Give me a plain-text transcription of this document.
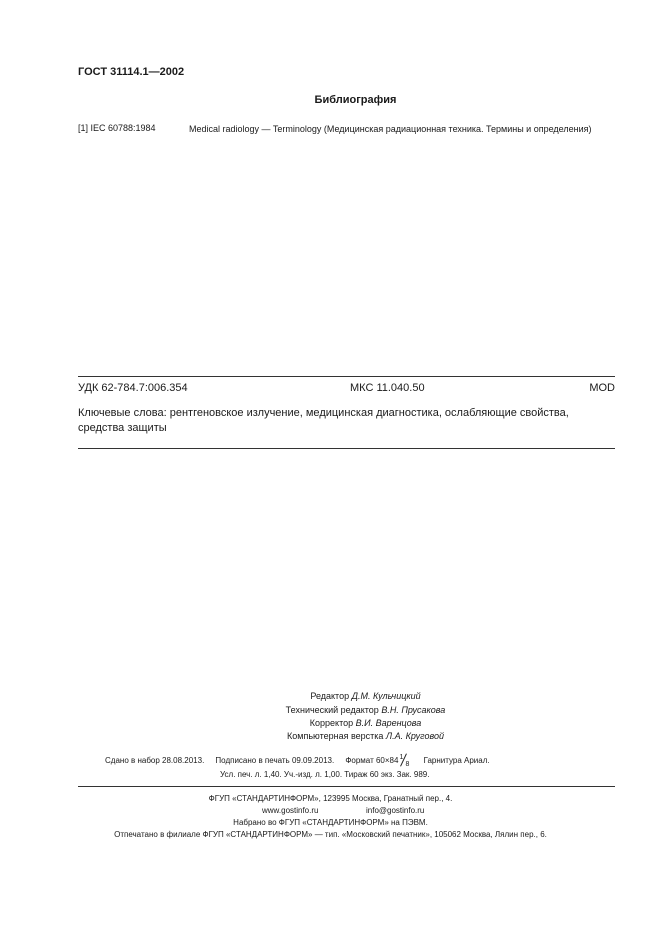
ГОСТ 31114.1—2002
Библиография
[1] IEC 60788:1984	Medical radiology — Terminology (Медицинская радиационная техника. Термины и определения)
УДК 62-784.7:006.354	МКС 11.040.50	MOD
Ключевые слова: рентгеновское излучение, медицинская диагностика, ослабляющие свойства, средства защиты
Редактор Д.М. Кульчицкий
Технический редактор В.Н. Прусакова
Корректор В.И. Варенцова
Компьютерная верстка Л.А. Круговой
Сдано в набор 28.08.2013. Подписано в печать 09.09.2013. Формат 60×84 1
8 Гарнитура Ариал.
Усл. печ. л. 1,40. Уч.-изд. л. 1,00. Тираж 60 экз. Зак. 989.
ФГУП «СТАНДАРТИНФОРМ», 123995 Москва, Гранатный пер., 4.
www.gostinfo.ru	info@gostinfo.ru
Набрано во ФГУП «СТАНДАРТИНФОРМ» на ПЭВМ.
Отпечатано в филиале ФГУП «СТАНДАРТИНФОРМ» — тип. «Московский печатник», 105062 Москва, Лялин пер., 6.
